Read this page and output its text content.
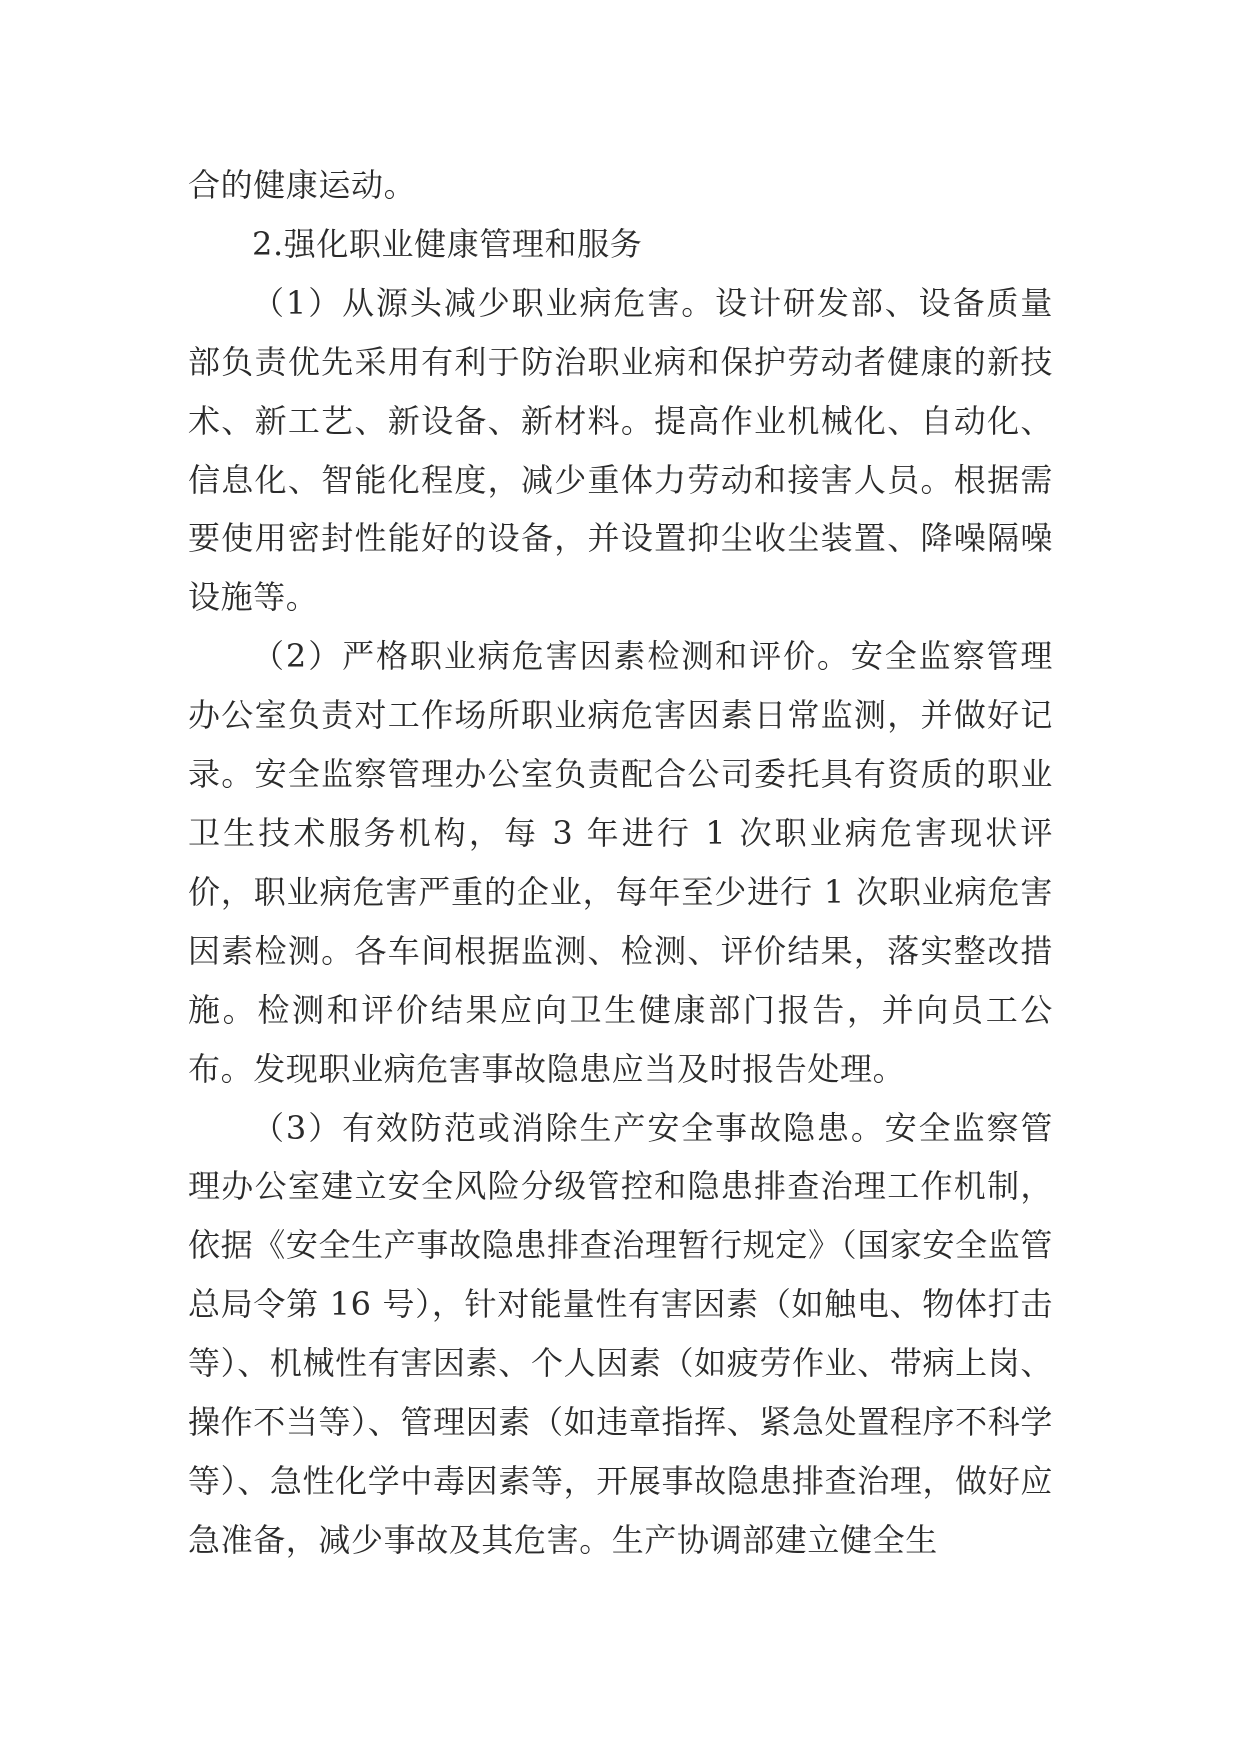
合的健康运动。

2.强化职业健康管理和服务

（1）从源头减少职业病危害。设计研发部、设备质量部负责优先采用有利于防治职业病和保护劳动者健康的新技术、新工艺、新设备、新材料。提高作业机械化、自动化、信息化、智能化程度，减少重体力劳动和接害人员。根据需要使用密封性能好的设备，并设置抑尘收尘装置、降噪隔噪设施等。

（2）严格职业病危害因素检测和评价。安全监察管理办公室负责对工作场所职业病危害因素日常监测，并做好记录。安全监察管理办公室负责配合公司委托具有资质的职业卫生技术服务机构，每 3 年进行 1 次职业病危害现状评价，职业病危害严重的企业，每年至少进行 1 次职业病危害因素检测。各车间根据监测、检测、评价结果，落实整改措施。检测和评价结果应向卫生健康部门报告，并向员工公布。发现职业病危害事故隐患应当及时报告处理。

（3）有效防范或消除生产安全事故隐患。安全监察管理办公室建立安全风险分级管控和隐患排查治理工作机制，依据《安全生产事故隐患排查治理暂行规定》（国家安全监管总局令第 16 号），针对能量性有害因素（如触电、物体打击等）、机械性有害因素、个人因素（如疲劳作业、带病上岗、操作不当等）、管理因素（如违章指挥、紧急处置程序不科学等）、急性化学中毒因素等，开展事故隐患排查治理，做好应急准备，减少事故及其危害。生产协调部建立健全生
